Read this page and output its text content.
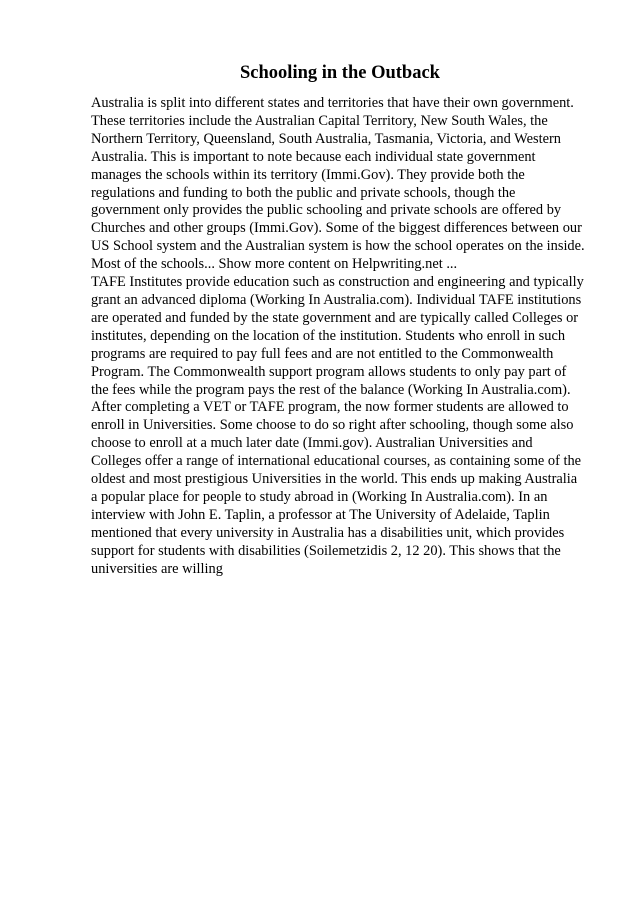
Schooling in the Outback
Australia is split into different states and territories that have their own government.
These territories include the Australian Capital Territory, New South Wales, the
Northern Territory, Queensland, South Australia, Tasmania, Victoria, and Western
Australia. This is important to note because each individual state government
manages the schools within its territory (Immi.Gov). They provide both the
regulations and funding to both the public and private schools, though the
government only provides the public schooling and private schools are offered by
Churches and other groups (Immi.Gov). Some of the biggest differences between our
US School system and the Australian system is how the school operates on the inside.
Most of the schools... Show more content on Helpwriting.net ...
TAFE Institutes provide education such as construction and engineering and typically
grant an advanced diploma (Working In Australia.com). Individual TAFE institutions
are operated and funded by the state government and are typically called Colleges or
institutes, depending on the location of the institution. Students who enroll in such
programs are required to pay full fees and are not entitled to the Commonwealth
Program. The Commonwealth support program allows students to only pay part of
the fees while the program pays the rest of the balance (Working In Australia.com).
After completing a VET or TAFE program, the now former students are allowed to
enroll in Universities. Some choose to do so right after schooling, though some also
choose to enroll at a much later date (Immi.gov). Australian Universities and
Colleges offer a range of international educational courses, as containing some of the
oldest and most prestigious Universities in the world. This ends up making Australia
a popular place for people to study abroad in (Working In Australia.com). In an
interview with John E. Taplin, a professor at The University of Adelaide, Taplin
mentioned that every university in Australia has a disabilities unit, which provides
support for students with disabilities (Soilemetzidis 2, 12 20). This shows that the
universities are willing
